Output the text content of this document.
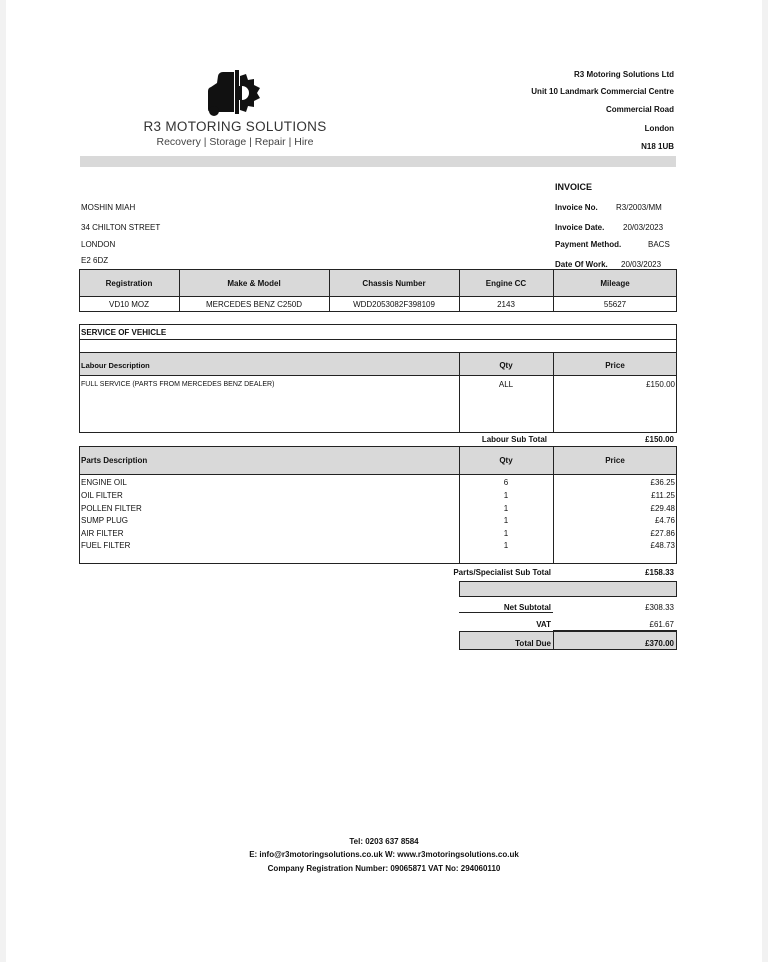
R3 MOTORING SOLUTIONS
Recovery | Storage | Repair | Hire
R3 Motoring Solutions Ltd
Unit 10 Landmark Commercial Centre
Commercial Road
London
N18 1UB
INVOICE
Invoice No. R3/2003/MM
Invoice Date. 20/03/2023
Payment Method.	BACS
Date Of Work. 20/03/2023
MOSHIN MIAH
34 CHILTON STREET
LONDON
E2 6DZ
Registration	Make & Model	Chassis Number	Engine CC	Mileage
VD10 MOZ	MERCEDES BENZ C250D	WDD2053082F398109	2143	55627
SERVICE OF VEHICLE
Labour Description	Qty	Price
FULL SERVICE (PARTS FROM MERCEDES BENZ DEALER)	ALL	£150.00
Labour Sub Total	£150.00
Parts Description	Qty	Price
ENGINE OIL	6	£36.25
OIL FILTER	1	£11.25
POLLEN FILTER	1	£29.48
SUMP PLUG	1	£4.76
AIR FILTER	1	£27.86
FUEL FILTER	1	£48.73
Parts/Specialist Sub Total	£158.33
Net Subtotal	£308.33
VAT	£61.67
Total Due	£370.00
Tel: 0203 637 8584
E: info@r3motoringsolutions.co.uk W: www.r3motoringsolutions.co.uk
Company Registration Number: 09065871 VAT No: 294060110
